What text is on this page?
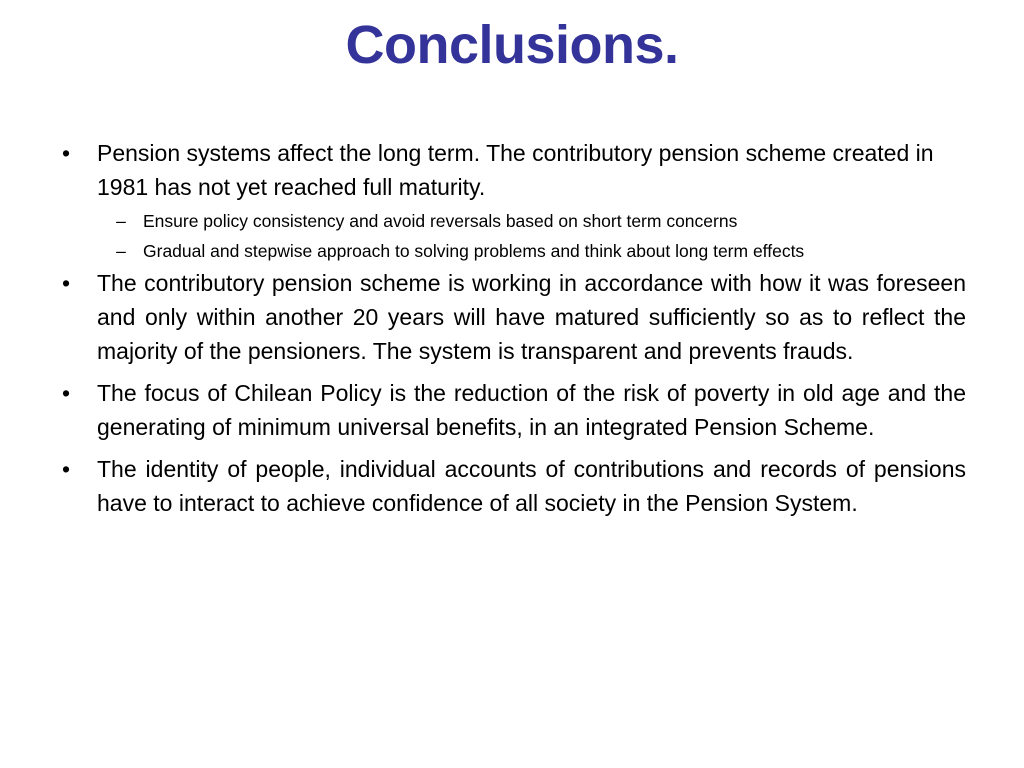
Conclusions.
• Pension systems affect the long term. The contributory pension scheme created in 1981 has not yet reached full maturity.
– Ensure policy consistency and avoid reversals based on short term concerns
– Gradual and stepwise approach to solving problems and think about long term effects
• The contributory pension scheme is working in accordance with how it was foreseen and only within another 20 years will have matured sufficiently so as to reflect the majority of the pensioners. The system is transparent and prevents frauds.
• The focus of Chilean Policy is the reduction of the risk of poverty in old age and the generating of minimum universal benefits, in an integrated Pension Scheme.
• The identity of people, individual accounts of contributions and records of pensions have to interact to achieve confidence of all society in the Pension System.
